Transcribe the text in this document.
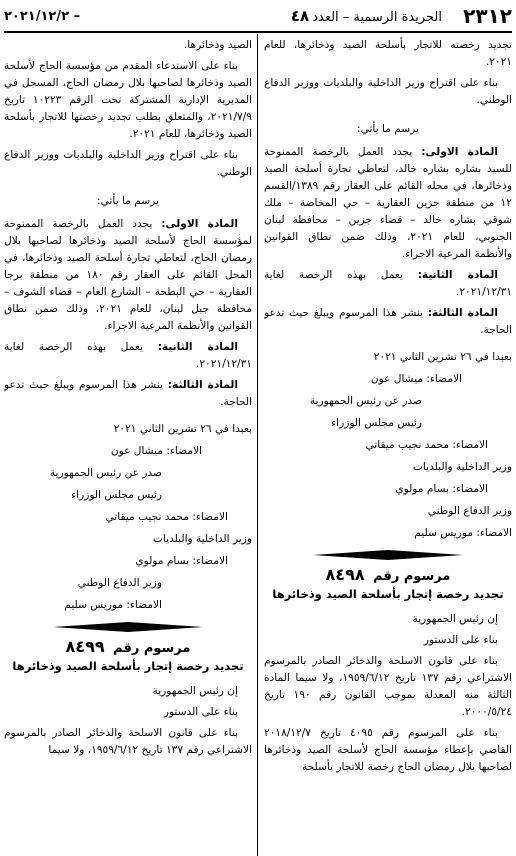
– ٢٠٢١/١٢/٢	الجريدة الرسمية – العدد٤٨	٢٣١٢

تجديد رخصته للاتجار بأسلحة الصيد وذخائرها، للعام ٢٠٢١.

بناء على اقتراح وزير الداخلية والبلديات ووزير الدفاع الوطني.

يرسم ما يأتي:

المادة الاولى: يجدد العمل بالرخصة الممنوحة للسيد بشاره بشاره خالد، لتعاطي تجارة أسلحة الصيد وذخائرها، في محله القائم على العقار رقم ١٣٨٩/القسم ١٢ من منطقة جزين العقارية – حي المخاضة – ملك شوقي بشاره خالد – قضاء جزين – محافظة لبنان الجنوبي، للعام ٢٠٢١، وذلك ضمن نطاق القوانين والأنظمة المرعية الاجراء.

المادة الثانية: يعمل بهذه الرخصة لغاية ٢٠٢١/١٢/٣١.

المادة الثالثة: ينشر هذا المرسوم ويبلغ حيث تدعو الحاجة.

بعبدا في ٢٦ تشرين الثاني ٢٠٢١

الامضاء: ميشال عون

صدر عن رئيس الجمهورية

رئيس مجلس الوزراء

الامضاء: محمد نجيب ميقاتي

وزير الداخلية والبلديات

الامضاء: بسام مولوي

وزير الدفاع الوطني

الامضاء: موريس سليم

مرسوم رقم ٨٤٩٨

تجديد رخصة إتجار بأسلحة الصيد وذخائرها

إن رئيس الجمهورية

بناء على الدستور

بناء على قانون الاسلحة والذخائر الصادر بالمرسوم الاشتراعي رقم ١٣٧ تاريخ ١٩٥٩/٦/١٢، ولا سيما المادة الثالثة منه المعدلة بموجب القانون رقم ١٩٠ تاريخ ٢٠٠٠/٥/٢٤.

بناء على المرسوم رقم ٤٠٩٥ تاريخ ٢٠١٨/١٢/٧ القاضي بإعطاء مؤسسة الحاج لأسلحة الصيد وذخائرها لصاحبها بلال رمضان الحاج رخصة للاتجار بأسلحة

الصيد وذخائرها.

بناء على الاستدعاء المقدم من مؤسسة الحاج لأسلحة الصيد وذخائرها لصاحبها بلال رمضان الحاج، المسجل في المديرية الإدارية المشتركة تحت الرقم ١٠٢٢٣ تاريخ ٢٠٢١/٧/٩، والمتعلق بطلب تجديد رخصتها للاتجار بأسلحة الصيد وذخائرها، للعام ٢٠٢١.

بناء على اقتراح وزير الداخلية والبلديات ووزير الدفاع الوطني.

يرسم ما يأتي:

المادة الاولى: يجدد العمل بالرخصة الممنوحة لمؤسسة الحاج لأسلحة الصيد وذخائرها لصاحبها بلال رمضان الحاج، لتعاطي تجارة أسلحة الصيد وذخائرها، في المحل القائم على العقار رقم ١٨٠ من منطقة برجا العقارية – حي البطحة – الشارع العام – قضاء الشوف – محافظة جبل لبنان، للعام ٢٠٢١، وذلك ضمن نطاق القوانين والأنظمة المرعية الاجراء.

المادة الثانية: يعمل بهذه الرخصة لغاية ٢٠٢١/١٢/٣١.

المادة الثالثة: ينشر هذا المرسوم ويبلغ حيث تدعو الحاجة.

بعبدا في ٢٦ تشرين الثاني ٢٠٢١

الامضاء: ميشال عون

صدر عن رئيس الجمهورية

رئيس مجلس الوزراء

الامضاء: محمد نجيب ميقاتي

وزير الداخلية والبلديات

الامضاء: بسام مولوي

وزير الدفاع الوطني

الامضاء: موريس سليم

مرسوم رقم ٨٤٩٩

تجديد رخصة إتجار بأسلحة الصيد وذخائرها

إن رئيس الجمهورية

بناء على الدستور

بناء على قانون الاسلحة والذخائر الصادر بالمرسوم الاشتراعي رقم ١٣٧ تاريخ ١٩٥٩/٦/١٢، ولا سيما
